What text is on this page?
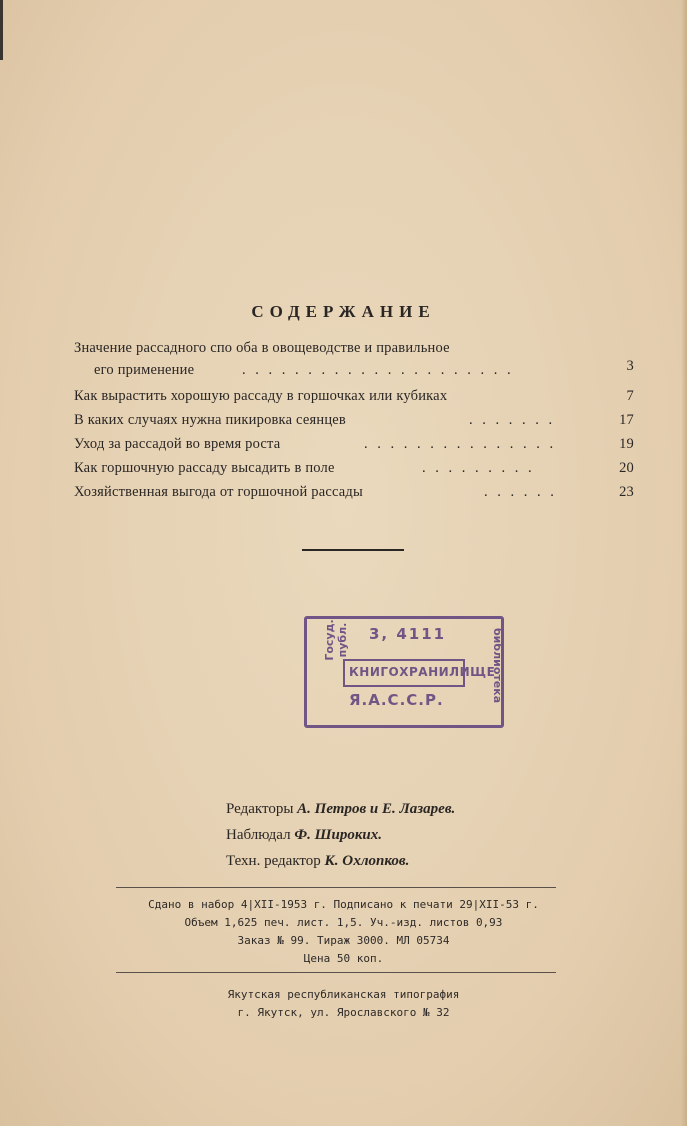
СОДЕРЖАНИЕ
Значение рассадного спо оба в овощеводстве и правильное
его применение	. . . . . . . . . . . . . . . . . . . . .	3
Как вырастить хорошую рассаду в горшочках или кубиках	7
В каких случаях нужна пикировка сеянцев	. . . . . . .	17
Уход за рассадой во время роста	. . . . . . . . . . . . . . .	19
Как горшочную рассаду высадить в поле	. . . . . . . . .	20
Хозяйственная выгода от горшочной рассады	. . . . . .	23
3, 4111
КНИГОХРАНИЛИЩЕ
Я.А.С.С.Р.
Госуд. публ.	библиотека
Редакторы А. Петров и Е. Лазарев.
Наблюдал Ф. Широких.
Техн. редактор К. Охлопков.
Сдано в набор 4|XII-1953 г. Подписано к печати 29|XII-53 г.
Объем 1,625 печ. лист. 1,5. Уч.-изд. листов 0,93
Заказ № 99. Тираж 3000. МЛ 05734
Цена 50 коп.
Якутская республиканская типография
г. Якутск, ул. Ярославского № 32
